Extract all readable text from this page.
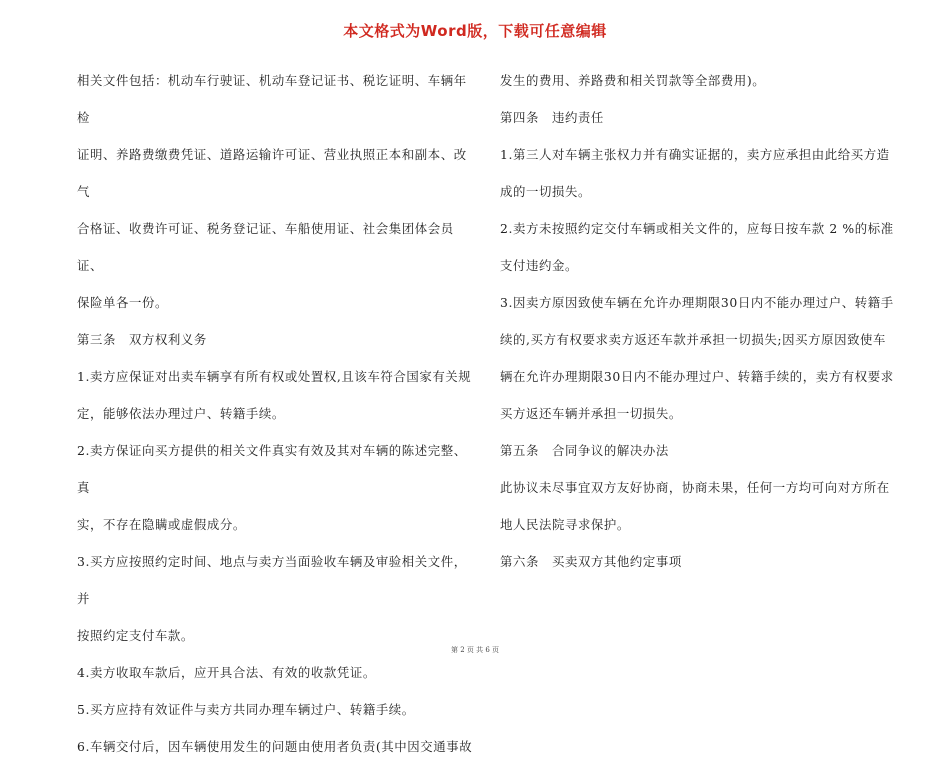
本文格式为Word版，下载可任意编辑

相关文件包括：机动车行驶证、机动车登记证书、税讫证明、车辆年检
证明、养路费缴费凭证、道路运输许可证、营业执照正本和副本、改气
合格证、收费许可证、税务登记证、车船使用证、社会集团体会员证、
保险单各一份。

第三条　双方权利义务

1.卖方应保证对出卖车辆享有所有权或处置权,且该车符合国家有关规
定，能够依法办理过户、转籍手续。

2.卖方保证向买方提供的相关文件真实有效及其对车辆的陈述完整、真
实，不存在隐瞒或虚假成分。

3.买方应按照约定时间、地点与卖方当面验收车辆及审验相关文件，并
按照约定支付车款。

4.卖方收取车款后，应开具合法、有效的收款凭证。

5.买方应持有效证件与卖方共同办理车辆过户、转籍手续。

6.车辆交付后，因车辆使用发生的问题由使用者负责(其中因交通事故

发生的费用、养路费和相关罚款等全部费用)。

第四条　违约责任

1.第三人对车辆主张权力并有确实证据的，卖方应承担由此给买方造
成的一切损失。

2.卖方未按照约定交付车辆或相关文件的，应每日按车款 2 %的标准
支付违约金。

3.因卖方原因致使车辆在允许办理期限30日内不能办理过户、转籍手
续的,买方有权要求卖方返还车款并承担一切损失;因买方原因致使车
辆在允许办理期限30日内不能办理过户、转籍手续的，卖方有权要求
买方返还车辆并承担一切损失。

第五条　合同争议的解决办法

此协议未尽事宜双方友好协商，协商未果，任何一方均可向对方所在
地人民法院寻求保护。

第六条　买卖双方其他约定事项

第 2 页 共 6 页
